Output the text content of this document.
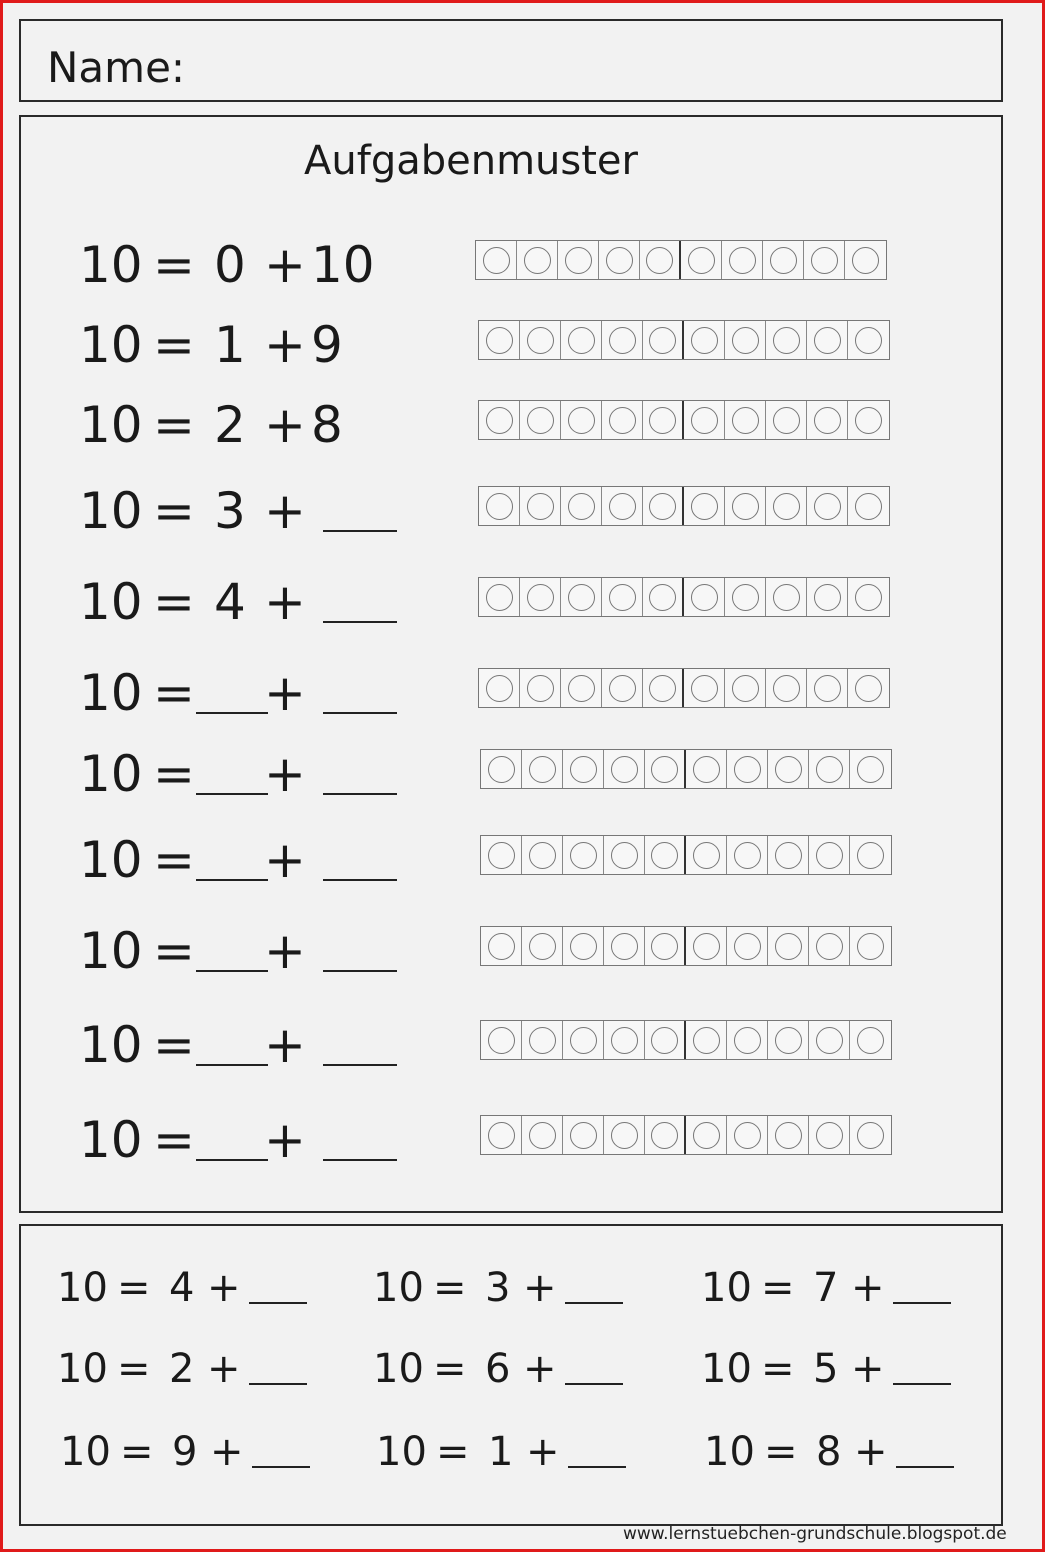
Name:
Aufgabenmuster
10 = 0 + 10
10 = 1 + 9
10 = 2 + 8
10 = 3 +
10 = 4 +
10 = +
10 = +
10 = +
10 = +
10 = +
10 = +
10 = 4 +	10 = 3 +	10 = 7 +
10 = 2 +	10 = 6 +	10 = 5 +
10 = 9 +	10 = 1 +	10 = 8 +
www.lernstuebchen-grundschule.blogspot.de
